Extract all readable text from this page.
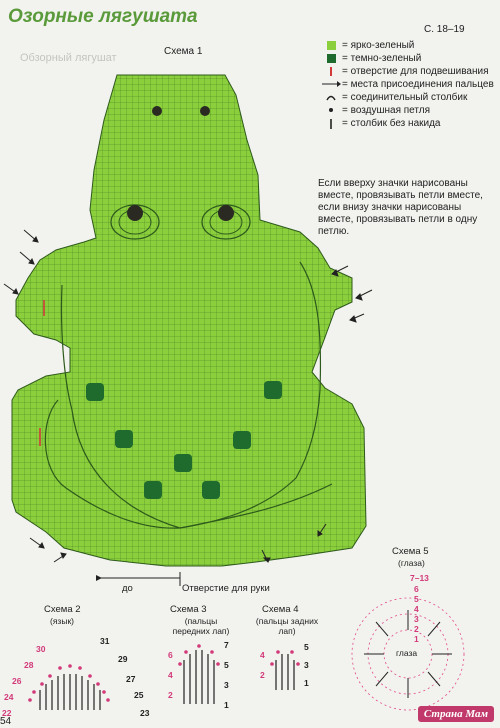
Озорные лягушата
С. 18–19
Обзорный лягушат
Схема 1
= ярко-зеленый
= темно-зеленый
= отверстие для подвешивания
= места присоединения пальцев
= соединительный столбик
= воздушная петля
= столбик без накида
Если вверху значки нарисованы вместе, провязывать петли вместе, если внизу значки нарисованы вместе, провязывать петли в одну петлю.
до	Отверстие для руки
Схема 2
(язык)
30
28
26
24
22
31
29
27
25
23
Схема 3
(пальцы передних лап)
6
4
2
7
5
3
1
Схема 4
(пальцы задних лап)
4
2
5
3
1
Схема 5
(глаза)
7–13
6
5
4
3
2
1
глаза
54
Страна Мам
